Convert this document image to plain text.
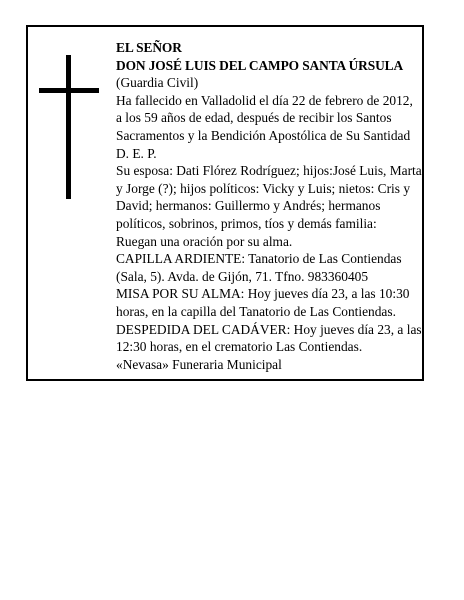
EL SEÑOR

DON JOSÉ LUIS DEL CAMPO SANTA ÚRSULA

(Guardia Civil)

Ha fallecido en Valladolid el día 22 de febrero de 2012, a los 59 años de edad, después de recibir los Santos Sacramentos y la Bendición Apostólica de Su Santidad

D. E. P.

Su esposa: Dati Flórez Rodríguez; hijos:José Luis, Marta y Jorge (?); hijos políticos: Vicky y Luis; nietos: Cris y David; hermanos: Guillermo y Andrés; hermanos políticos, sobrinos, primos, tíos y demás familia:

Ruegan una oración por su alma.

CAPILLA ARDIENTE: Tanatorio de Las Contiendas (Sala, 5). Avda. de Gijón, 71. Tfno. 983360405

MISA POR SU ALMA: Hoy jueves día 23, a las 10:30 horas, en la capilla del Tanatorio de Las Contiendas.

DESPEDIDA DEL CADÁVER: Hoy jueves día 23, a las 12:30 horas, en el crematorio Las Contiendas.

«Nevasa» Funeraria Municipal
